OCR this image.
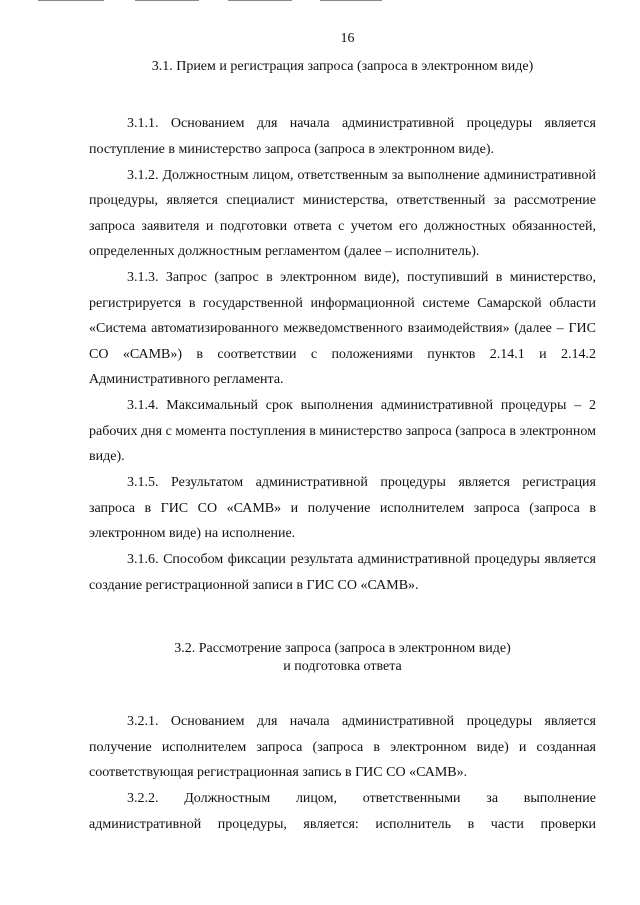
16
3.1. Прием и регистрация запроса (запроса в электронном виде)

3.1.1. Основанием для начала административной процедуры является поступление в министерство запроса (запроса в электронном виде).

3.1.2. Должностным лицом, ответственным за выполнение административной процедуры, является специалист министерства, ответственный за рассмотрение запроса заявителя и подготовки ответа с учетом его должностных обязанностей, определенных должностным регламентом (далее – исполнитель).

3.1.3. Запрос (запрос в электронном виде), поступивший в министерство, регистрируется в государственной информационной системе Самарской области «Система автоматизированного межведомственного взаимодействия» (далее – ГИС СО «САМВ») в соответствии с положениями пунктов 2.14.1 и 2.14.2 Административного регламента.

3.1.4. Максимальный срок выполнения административной процедуры – 2 рабочих дня с момента поступления в министерство запроса (запроса в электронном виде).

3.1.5. Результатом административной процедуры является регистрация запроса в ГИС СО «САМВ» и получение исполнителем запроса (запроса в электронном виде) на исполнение.

3.1.6. Способом фиксации результата административной процедуры является создание регистрационной записи в ГИС СО «САМВ».

3.2. Рассмотрение запроса (запроса в электронном виде)
и подготовка ответа

3.2.1. Основанием для начала административной процедуры является получение исполнителем запроса (запроса в электронном виде) и созданная соответствующая регистрационная запись в ГИС СО «САМВ».

3.2.2. Должностным лицом, ответственными за выполнение административной процедуры, является: исполнитель в части проверки
